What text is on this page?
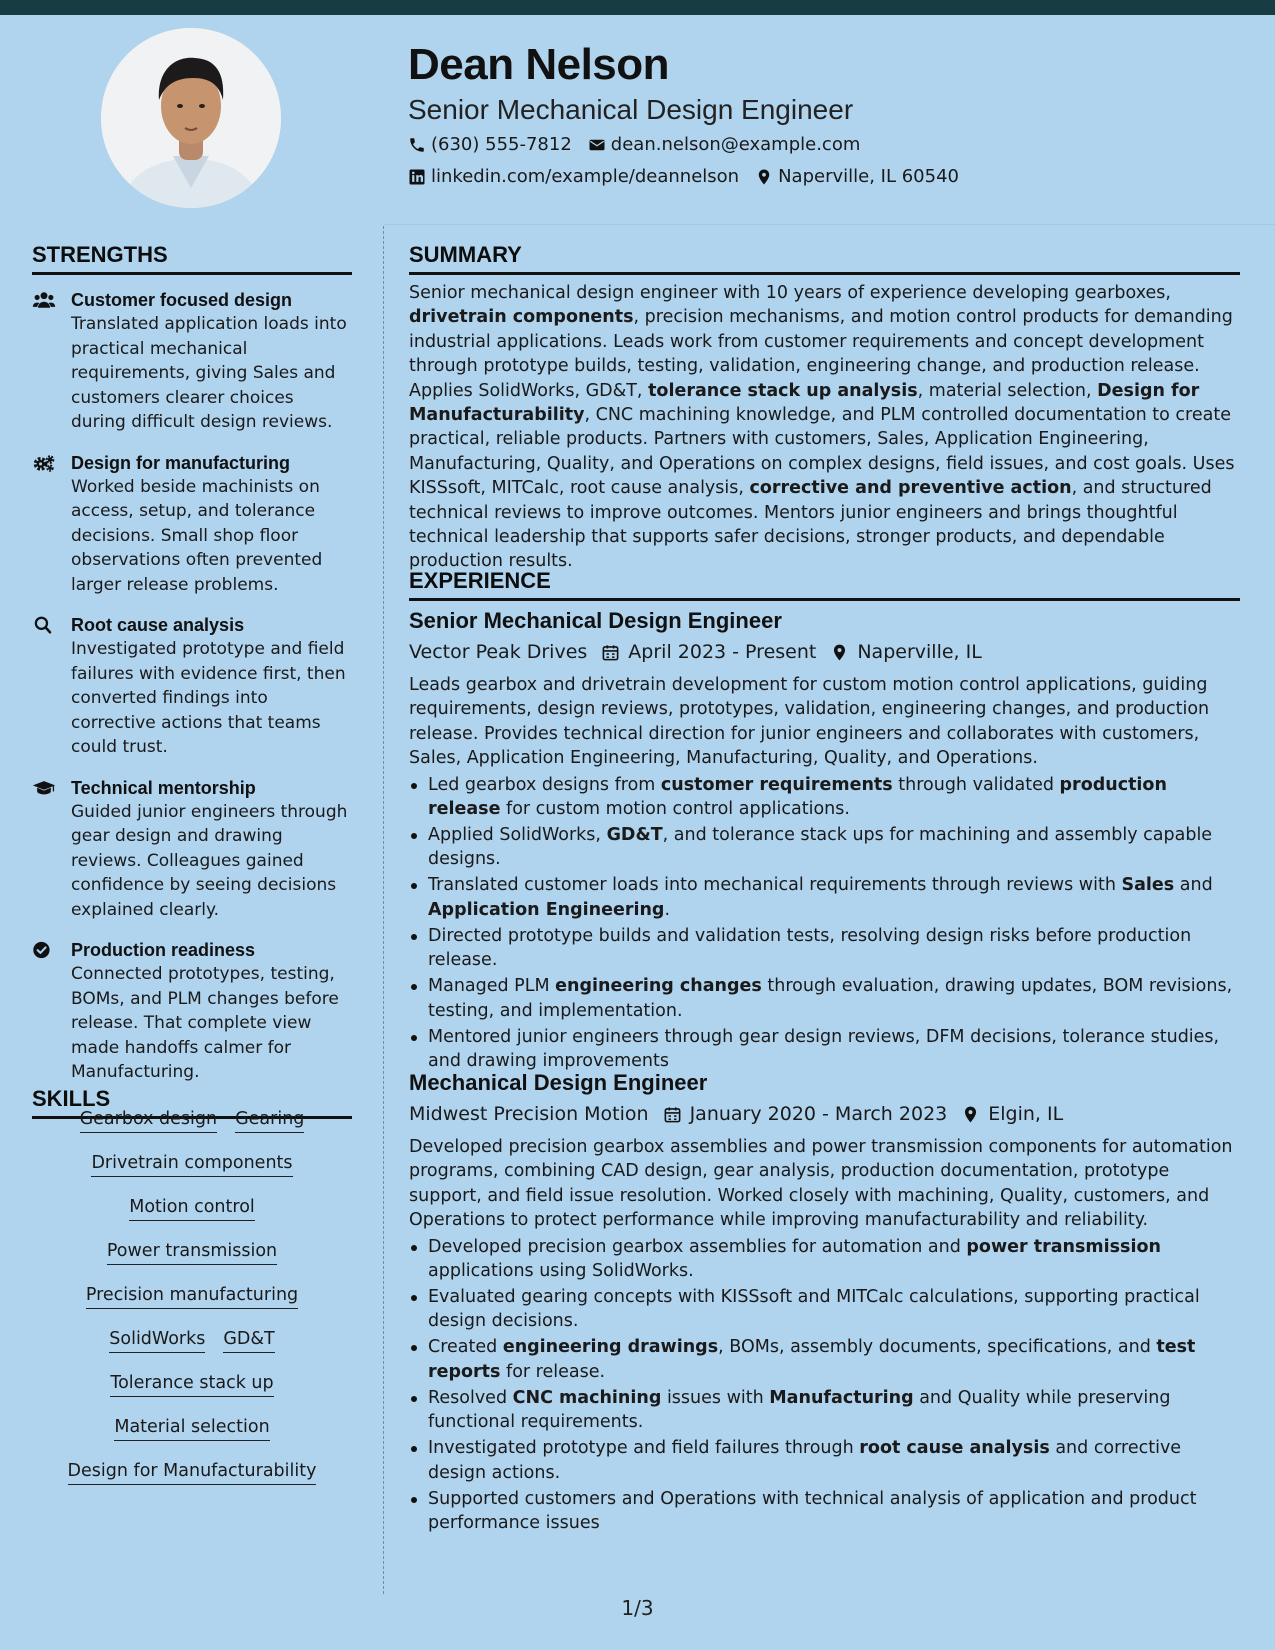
Dean Nelson
Senior Mechanical Design Engineer
(630) 555-7812 dean.nelson@example.com
linkedin.com/example/deannelson Naperville, IL 60540
STRENGTHS
Customer focused design
Translated application loads into practical mechanical requirements, giving Sales and customers clearer choices during difficult design reviews.
Design for manufacturing
Worked beside machinists on access, setup, and tolerance decisions. Small shop floor observations often prevented larger release problems.
Root cause analysis
Investigated prototype and field failures with evidence first, then converted findings into corrective actions that teams could trust.
Technical mentorship
Guided junior engineers through gear design and drawing reviews. Colleagues gained confidence by seeing decisions explained clearly.
Production readiness
Connected prototypes, testing, BOMs, and PLM changes before release. That complete view made handoffs calmer for Manufacturing.
SKILLS
Gearbox design Gearing
Drivetrain components
Motion control
Power transmission
Precision manufacturing
SolidWorks GD&T
Tolerance stack up
Material selection
Design for Manufacturability
SUMMARY
Senior mechanical design engineer with 10 years of experience developing gearboxes, drivetrain components, precision mechanisms, and motion control products for demanding industrial applications. Leads work from customer requirements and concept development through prototype builds, testing, validation, engineering change, and production release. Applies SolidWorks, GD&T, tolerance stack up analysis, material selection, Design for Manufacturability, CNC machining knowledge, and PLM controlled documentation to create practical, reliable products. Partners with customers, Sales, Application Engineering, Manufacturing, Quality, and Operations on complex designs, field issues, and cost goals. Uses KISSsoft, MITCalc, root cause analysis, corrective and preventive action, and structured technical reviews to improve outcomes. Mentors junior engineers and brings thoughtful technical leadership that supports safer decisions, stronger products, and dependable production results.
EXPERIENCE
Senior Mechanical Design Engineer
Vector Peak Drives April 2023 - Present Naperville, IL
Leads gearbox and drivetrain development for custom motion control applications, guiding requirements, design reviews, prototypes, validation, engineering changes, and production release. Provides technical direction for junior engineers and collaborates with customers, Sales, Application Engineering, Manufacturing, Quality, and Operations.
Led gearbox designs from customer requirements through validated production release for custom motion control applications.
Applied SolidWorks, GD&T, and tolerance stack ups for machining and assembly capable designs.
Translated customer loads into mechanical requirements through reviews with Sales and Application Engineering.
Directed prototype builds and validation tests, resolving design risks before production release.
Managed PLM engineering changes through evaluation, drawing updates, BOM revisions, testing, and implementation.
Mentored junior engineers through gear design reviews, DFM decisions, tolerance studies, and drawing improvements
Mechanical Design Engineer
Midwest Precision Motion January 2020 - March 2023 Elgin, IL
Developed precision gearbox assemblies and power transmission components for automation programs, combining CAD design, gear analysis, production documentation, prototype support, and field issue resolution. Worked closely with machining, Quality, customers, and Operations to protect performance while improving manufacturability and reliability.
Developed precision gearbox assemblies for automation and power transmission applications using SolidWorks.
Evaluated gearing concepts with KISSsoft and MITCalc calculations, supporting practical design decisions.
Created engineering drawings, BOMs, assembly documents, specifications, and test reports for release.
Resolved CNC machining issues with Manufacturing and Quality while preserving functional requirements.
Investigated prototype and field failures through root cause analysis and corrective design actions.
Supported customers and Operations with technical analysis of application and product performance issues
1/3
